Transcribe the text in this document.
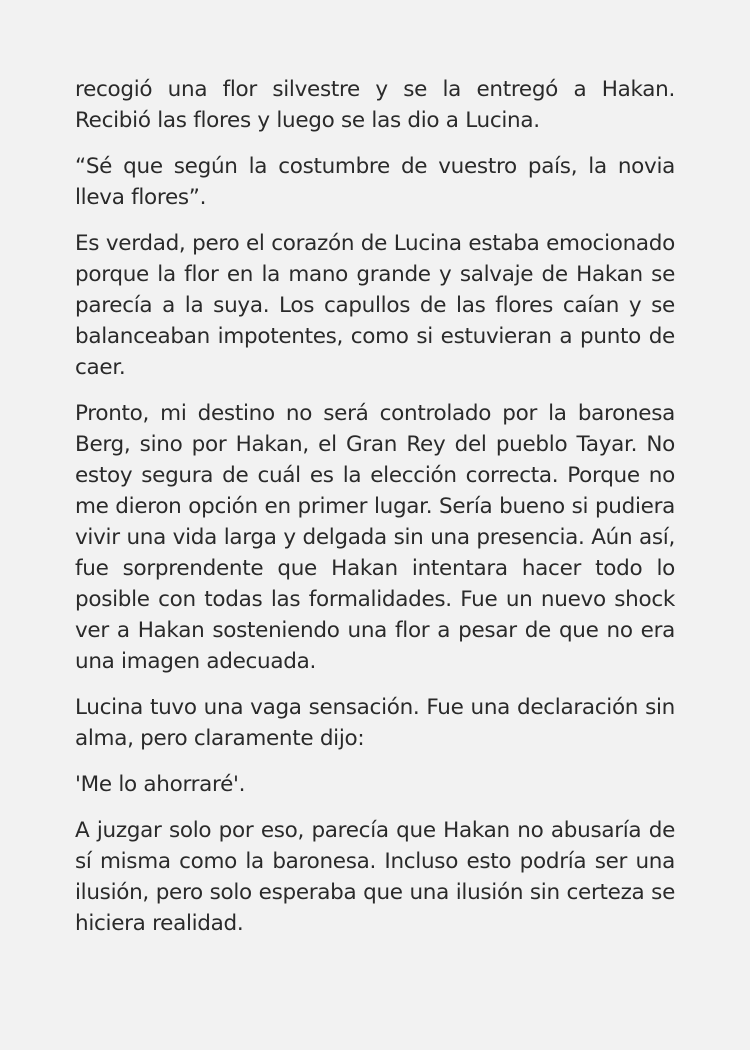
recogió una flor silvestre y se la entregó a Hakan. Recibió las flores y luego se las dio a Lucina.

“Sé que según la costumbre de vuestro país, la novia lleva flores”.

Es verdad, pero el corazón de Lucina estaba emocionado porque la flor en la mano grande y salvaje de Hakan se parecía a la suya. Los capullos de las flores caían y se balanceaban impotentes, como si estuvieran a punto de caer.

Pronto, mi destino no será controlado por la baronesa Berg, sino por Hakan, el Gran Rey del pueblo Tayar. No estoy segura de cuál es la elección correcta. Porque no me dieron opción en primer lugar. Sería bueno si pudiera vivir una vida larga y delgada sin una presencia. Aún así, fue sorprendente que Hakan intentara hacer todo lo posible con todas las formalidades. Fue un nuevo shock ver a Hakan sosteniendo una flor a pesar de que no era una imagen adecuada.

Lucina tuvo una vaga sensación. Fue una declaración sin alma, pero claramente dijo:

'Me lo ahorraré'.

A juzgar solo por eso, parecía que Hakan no abusaría de sí misma como la baronesa. Incluso esto podría ser una ilusión, pero solo esperaba que una ilusión sin certeza se hiciera realidad.
